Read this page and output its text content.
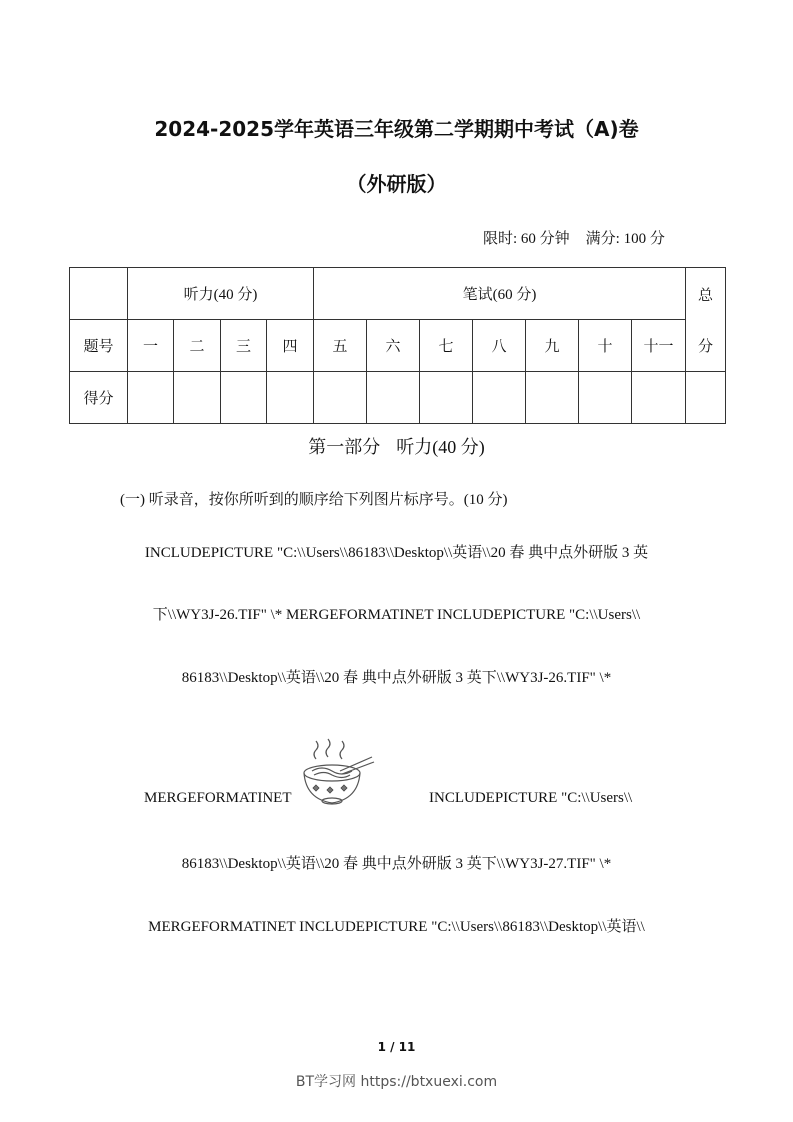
2024-2025学年英语三年级第二学期期中考试（A)卷
（外研版）
限时: 60 分钟 满分: 100 分
	听力(40 分)				笔试(60 分)							总
分

题号	一	二	三	四	五	六	七	八	九	十	十一	
得分												
第一部分 听力(40 分)
(一) 听录音，按你所听到的顺序给下列图片标序号。(10 分)
INCLUDEPICTURE "C:\\Users\\86183\\Desktop\\英语\\20 春 典中点外研版 3 英
下\\WY3J-26.TIF" \* MERGEFORMATINET INCLUDEPICTURE "C:\\Users\\
86183\\Desktop\\英语\\20 春 典中点外研版 3 英下\\WY3J-26.TIF" \*
MERGEFORMATINET	INCLUDEPICTURE "C:\\Users\\
86183\\Desktop\\英语\\20 春 典中点外研版 3 英下\\WY3J-27.TIF" \*
MERGEFORMATINET INCLUDEPICTURE "C:\\Users\\86183\\Desktop\\英语\\
1 / 11
BT学习网 https://btxuexi.com
